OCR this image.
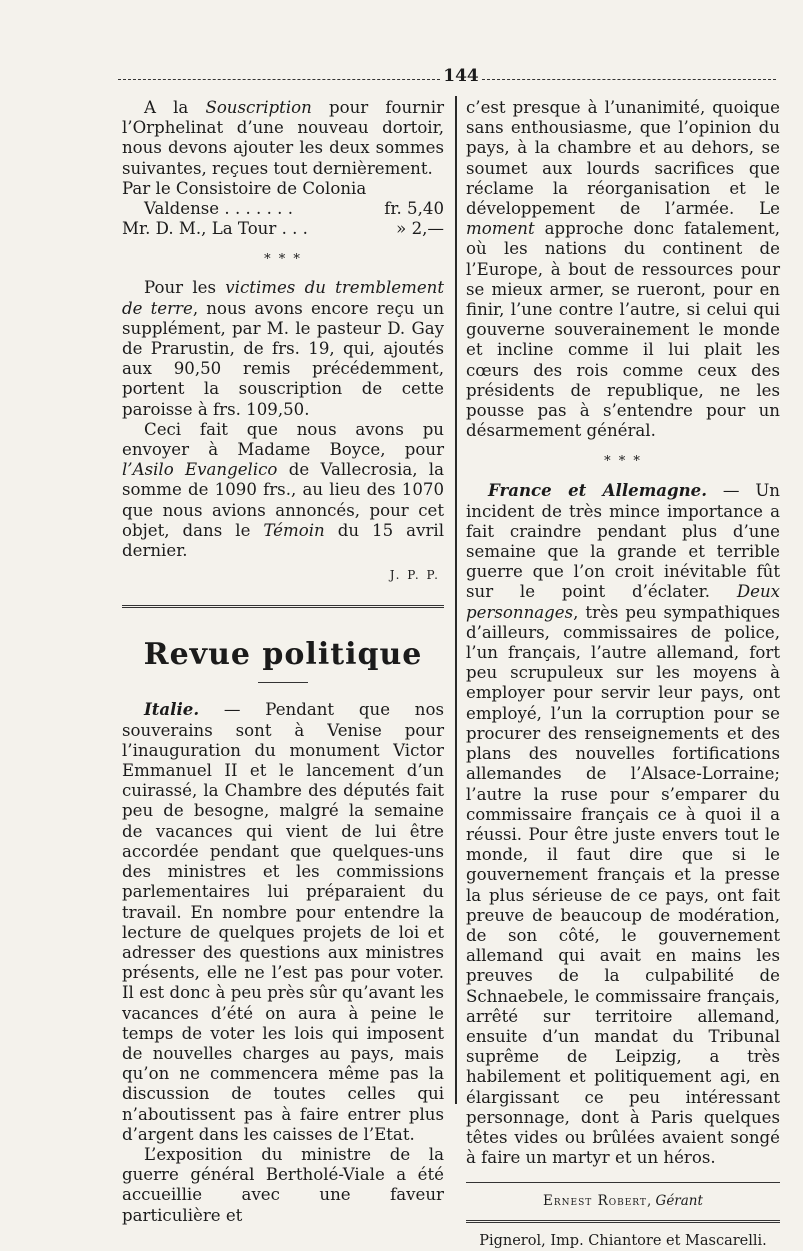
144

A la Souscription pour fournir l’Orphelinat d’une nouveau dortoir, nous devons ajouter les deux sommes suivantes, reçues tout dernièrement.

Par le Consistoire de Colonia

Valdense . . . . . . .	fr. 5,40
Mr. D. M., La Tour . . .	» 2,—
* * *

Pour les victimes du tremblement de terre, nous avons encore reçu un supplément, par M. le pasteur D. Gay de Prarustin, de frs. 19, qui, ajoutés aux 90,50 remis précédemment, portent la souscription de cette paroisse à frs. 109,50.

Ceci fait que nous avons pu envoyer à Madame Boyce, pour l’Asilo Evangelico de Vallecrosia, la somme de 1090 frs., au lieu des 1070 que nous avions annoncés, pour cet objet, dans le Témoin du 15 avril dernier.

J. P. P.
Revue politique

Italie. — Pendant que nos souverains sont à Venise pour l’inauguration du monument Victor Emmanuel II et le lancement d’un cuirassé, la Chambre des députés fait peu de besogne, malgré la semaine de vacances qui vient de lui être accordée pendant que quelques-uns des ministres et les commissions parlementaires lui préparaient du travail. En nombre pour entendre la lecture de quelques projets de loi et adresser des questions aux ministres présents, elle ne l’est pas pour voter. Il est donc à peu près sûr qu’avant les vacances d’été on aura à peine le temps de voter les lois qui imposent de nouvelles charges au pays, mais qu’on ne commencera même pas la discussion de toutes celles qui n’aboutissent pas à faire entrer plus d’argent dans les caisses de l’Etat.

L’exposition du ministre de la guerre général Bertholé-Viale a été accueillie avec une faveur particulière et

c’est presque à l’unanimité, quoique sans enthousiasme, que l’opinion du pays, à la chambre et au dehors, se soumet aux lourds sacrifices que réclame la réorganisation et le développement de l’armée. Le moment approche donc fatalement, où les nations du continent de l’Europe, à bout de ressources pour se mieux armer, se rueront, pour en finir, l’une contre l’autre, si celui qui gouverne souverainement le monde et incline comme il lui plait les cœurs des rois comme ceux des présidents de republique, ne les pousse pas à s’entendre pour un désarmement général.

* * *

France et Allemagne. — Un incident de très mince importance a fait craindre pendant plus d’une semaine que la grande et terrible guerre que l’on croit inévitable fût sur le point d’éclater. Deux personnages, très peu sympathiques d’ailleurs, commissaires de police, l’un français, l’autre allemand, fort peu scrupuleux sur les moyens à employer pour servir leur pays, ont employé, l’un la corruption pour se procurer des renseignements et des plans des nouvelles fortifications allemandes de l’Alsace-Lorraine; l’autre la ruse pour s’emparer du commissaire français ce à quoi il a réussi. Pour être juste envers tout le monde, il faut dire que si le gouvernement français et la presse la plus sérieuse de ce pays, ont fait preuve de beaucoup de modération, de son côté, le gouvernement allemand qui avait en mains les preuves de la culpabilité de Schnaebele, le commissaire français, arrêté sur territoire allemand, ensuite d’un mandat du Tribunal suprême de Leipzig, a très habilement et politiquement agi, en élargissant ce peu intéressant personnage, dont à Paris quelques têtes vides ou brûlées avaient songé à faire un martyr et un héros.

Ernest Robert, Gérant
Pignerol, Imp. Chiantore et Mascarelli.
